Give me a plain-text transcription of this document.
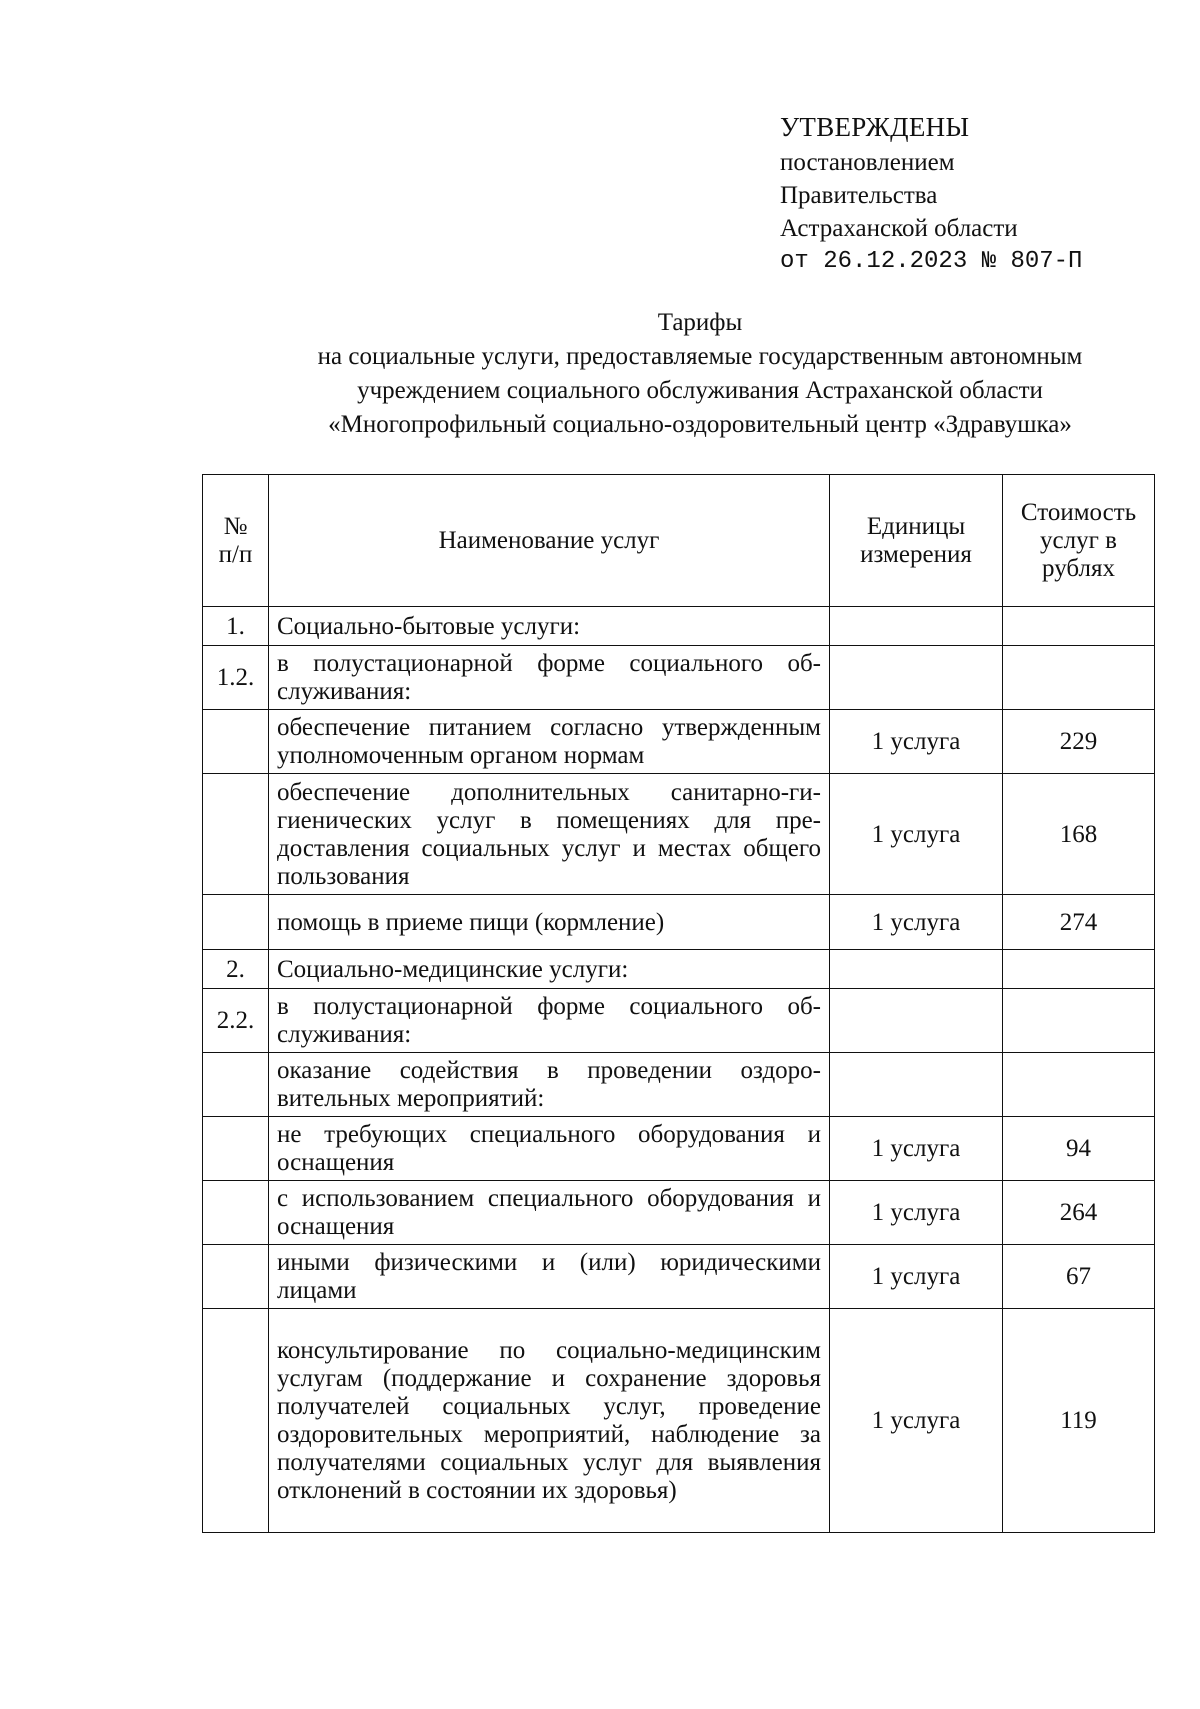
УТВЕРЖДЕНЫ
постановлением
Правительства
Астраханской области
от 26.12.2023 № 807-П
Тарифы
на социальные услуги, предоставляемые государственным автономным
учреждением социального обслуживания Астраханской области
«Многопрофильный социально-оздоровительный центр «Здравушка»
№ п/п	Наименование услуг	Единицы измерения	Стоимость услуг в рублях
1.	Социально-бытовые услуги:		
1.2.	в полустационарной форме социального обслуживания:		
	обеспечение питанием согласно утвержденным уполномоченным органом нормам	1 услуга	229
	обеспечение дополнительных санитарно-гигиенических услуг в помещениях для предоставления социальных услуг и местах общего пользования	1 услуга	168
	помощь в приеме пищи (кормление)	1 услуга	274
2.	Социально-медицинские услуги:		
2.2.	в полустационарной форме социального обслуживания:		
	оказание содействия в проведении оздоровительных мероприятий:		
	не требующих специального оборудования и оснащения	1 услуга	94
	с использованием специального оборудования и оснащения	1 услуга	264
	иными физическими и (или) юридическими лицами	1 услуга	67
	консультирование по социально-медицинским услугам (поддержание и сохранение здоровья получателей социальных услуг, проведение оздоровительных мероприятий, наблюдение за получателями социальных услуг для выявления отклонений в состоянии их здоровья)	1 услуга	119
